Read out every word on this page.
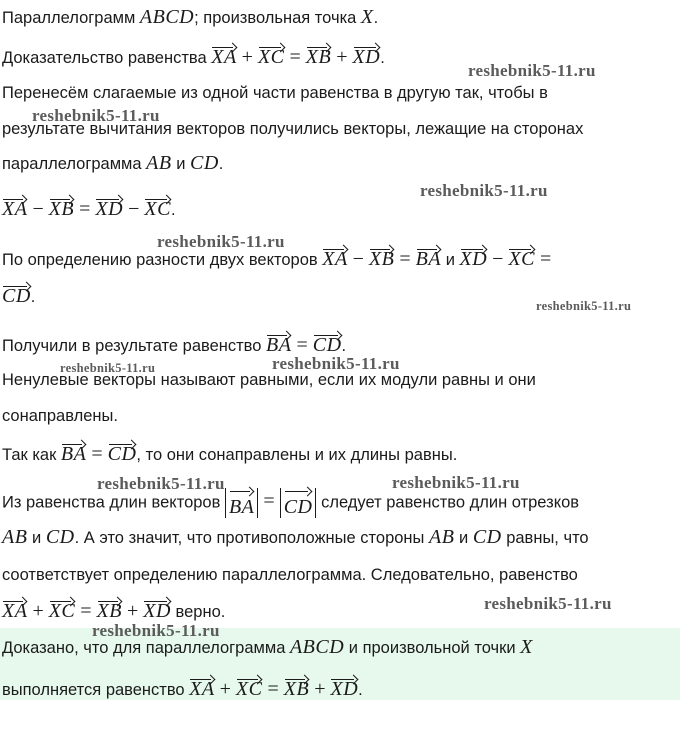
Параллелограмм ABCD; произвольная точка X.
Доказательство равенства XA + XC = XB + XD.
Перенесём слагаемые из одной части равенства в другую так, чтобы в
результате вычитания векторов получились векторы, лежащие на сторонах
параллелограмма AB и CD.
XA − XB = XD − XC.
По определению разности двух векторов XA − XB = BA и XD − XC =
CD.
Получили в результате равенство BA = CD.
Ненулевые векторы называют равными, если их модули равны и они
сонаправлены.
Так как BA = CD, то они сонаправлены и их длины равны.
Из равенства длин векторов BA = CD следует равенство длин отрезков
AB и CD. А это значит, что противоположные стороны AB и CD равны, что
соответствует определению параллелограмма. Следовательно, равенство
XA + XC = XB + XD верно.
Доказано, что для параллелограмма ABCD и произвольной точки X
выполняется равенство XA + XC = XB + XD.
reshebnik5-11.ru
reshebnik5-11.ru
reshebnik5-11.ru
reshebnik5-11.ru
reshebnik5-11.ru
reshebnik5-11.ru	reshebnik5-11.ru
reshebnik5-11.ru	reshebnik5-11.ru
reshebnik5-11.ru
reshebnik5-11.ru
